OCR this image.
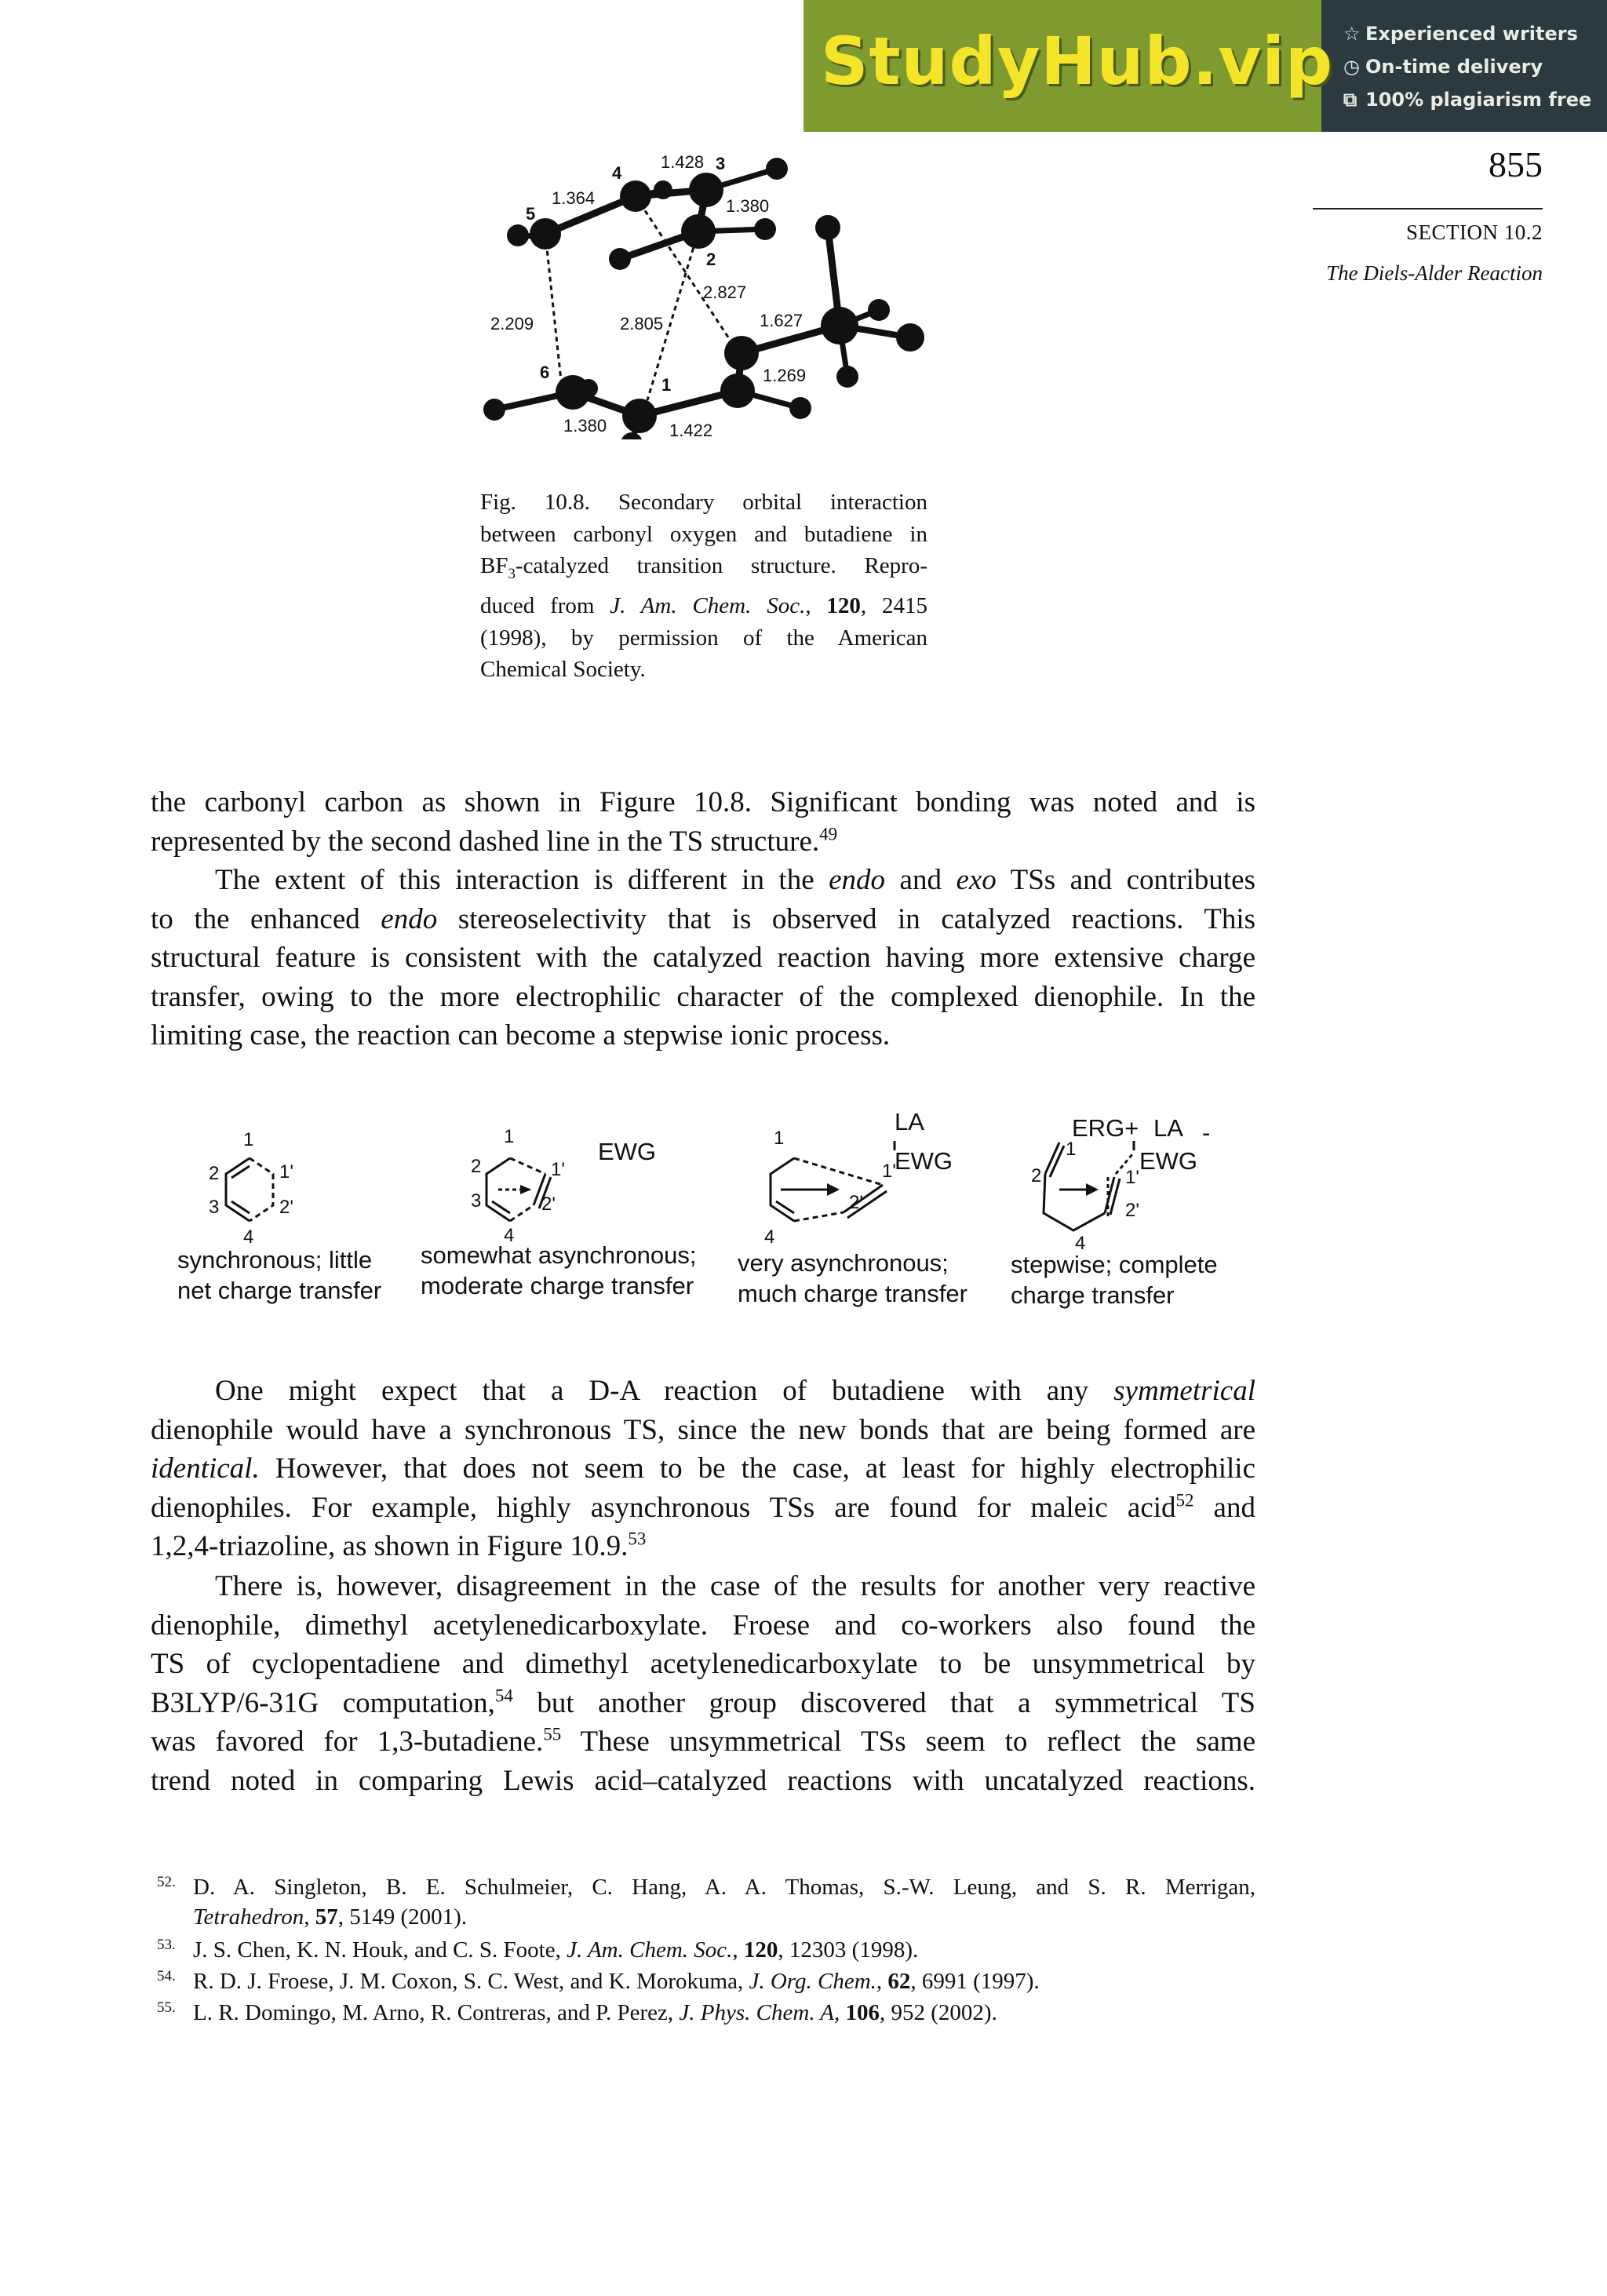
StudyHub.vip ☆ Experienced writers
◷ On-time delivery
⧉ 100% plagiarism free
855
SECTION 10.2
The Diels-Alder Reaction
4	3
5
2
6
1
1.428
1.364	1.380
2.827
2.209	2.805	1.627
1.269
1.380	1.422
Fig. 10.8. Secondary orbital interaction
between carbonyl oxygen and butadiene in
$BF_3$-catalyzed transition structure. Repro-
duced from J. Am. Chem. Soc., 120, 2415
(1998), by permission of the American
Chemical Society.
the carbonyl carbon as shown in Figure 10.8. Significant bonding was noted and is
represented by the second dashed line in the TS structure.$^{49}$
The extent of this interaction is different in the endo and exo TSs and contributes
to the enhanced endo stereoselectivity that is observed in catalyzed reactions. This
structural feature is consistent with the catalyzed reaction having more extensive charge
transfer, owing to the more electrophilic character of the complexed dienophile. In the
limiting case, the reaction can become a stepwise ionic process.
1
2	1'
3	2'
4
1
2	1'
3	2'
4
EWG	1
1'
2'
4
LA
EWG	1
2	1'
2'
4
ERG+ LA -
EWG
synchronous; little
net charge transfer
somewhat asynchronous;
moderate charge transfer
very asynchronous;
much charge transfer
stepwise; complete
charge transfer
One might expect that a D-A reaction of butadiene with any symmetrical
dienophile would have a synchronous TS, since the new bonds that are being formed are
identical. However, that does not seem to be the case, at least for highly electrophilic
dienophiles. For example, highly asynchronous TSs are found for maleic acid$^{52}$ and
1,2,4-triazoline, as shown in Figure 10.9.53
There is, however, disagreement in the case of the results for another very reactive
dienophile, dimethyl acetylenedicarboxylate. Froese and co-workers also found the
TS of cyclopentadiene and dimethyl acetylenedicarboxylate to be unsymmetrical by
B3LYP/6-31G computation,$^{54}$ but another group discovered that a symmetrical TS
was favored for 1,3-butadiene.$^{55}$ These unsymmetrical TSs seem to reflect the same
trend noted in comparing Lewis acid–catalyzed reactions with uncatalyzed reactions.
52. D. A. Singleton, B. E. Schulmeier, C. Hang, A. A. Thomas, S.-W. Leung, and S. R. Merrigan,
Tetrahedron, 57, 5149 (2001).
53. J. S. Chen, K. N. Houk, and C. S. Foote, J. Am. Chem. Soc., 120, 12303 (1998).
54. R. D. J. Froese, J. M. Coxon, S. C. West, and K. Morokuma, J. Org. Chem., 62, 6991 (1997).
55. L. R. Domingo, M. Arno, R. Contreras, and P. Perez, J. Phys. Chem. A, 106, 952 (2002).
